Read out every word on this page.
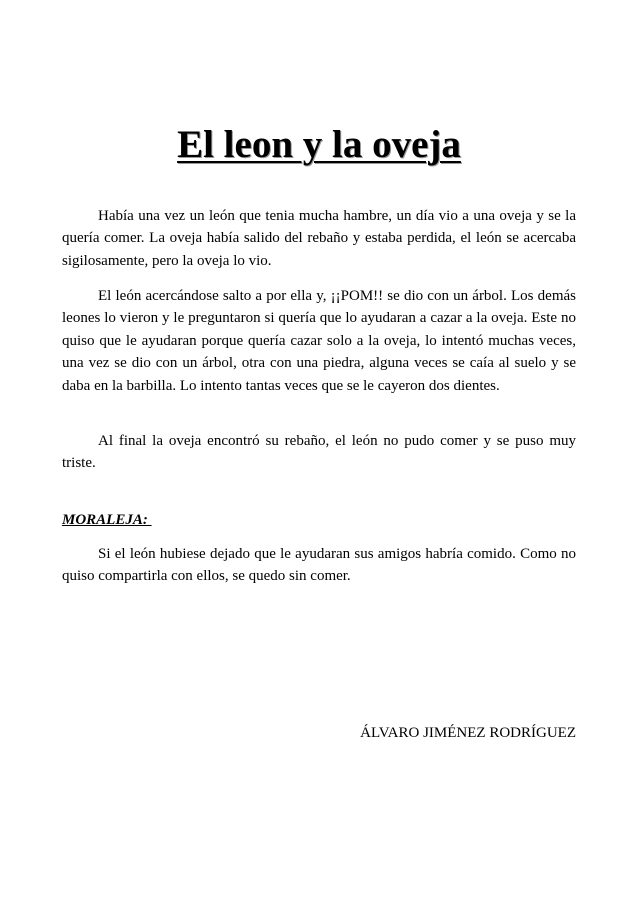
El leon y la oveja

Había una vez un león que tenia mucha hambre, un día vio a una oveja y se la quería comer. La oveja había salido del rebaño y estaba perdida, el león se acercaba sigilosamente, pero la oveja lo vio.

El león acercándose salto a por ella y, ¡¡POM!! se dio con un árbol. Los demás leones lo vieron y le preguntaron si quería que lo ayudaran a cazar a la oveja. Este no quiso que le ayudaran porque quería cazar solo a la oveja, lo intentó muchas veces, una vez se dio con un árbol, otra con una piedra, alguna veces se caía al suelo y se daba en la barbilla. Lo intento tantas veces que se le cayeron dos dientes.

Al final la oveja encontró su rebaño, el león no pudo comer y se puso muy triste.

MORALEJA:

Si el león hubiese dejado que le ayudaran sus amigos habría comido. Como no quiso compartirla con ellos, se quedo sin comer.

ÁLVARO JIMÉNEZ RODRÍGUEZ
